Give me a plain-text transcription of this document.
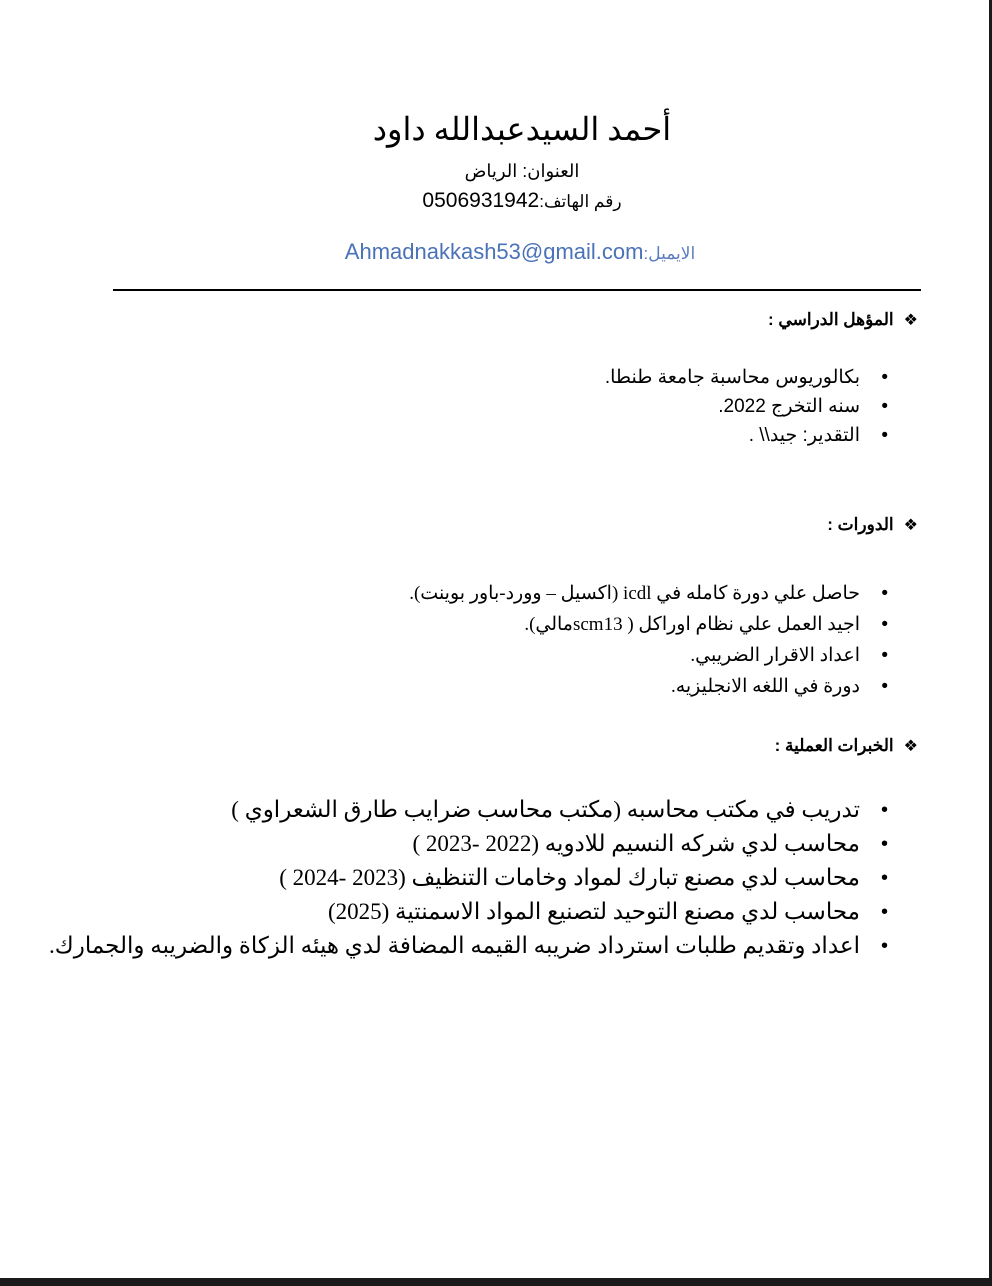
أحمد السيدعبدالله داود
العنوان: الرياض
رقم الهاتف:0506931942
الايميل:Ahmadnakkash53@gmail.com
❖المؤهل الدراسي :
• بكالوريوس محاسبة جامعة طنطا.
• سنه التخرج 2022.
• التقدير: جيد\\ .
❖الدورات :
• حاصل علي دورة كامله في icdl (اكسيل – وورد-باور بوينت).
• اجيد العمل علي نظام اوراكل ( scm13مالي).
• اعداد الاقرار الضريبي.
• دورة في اللغه الانجليزيه.
❖الخبرات العملية :
• تدريب في مكتب محاسبه (مكتب محاسب ضرايب طارق الشعراوي )
• محاسب لدي شركه النسيم للادويه (2022 -2023 )
• محاسب لدي مصنع تبارك لمواد وخامات التنظيف (2023 -2024 )
• محاسب لدي مصنع التوحيد لتصنيع المواد الاسمنتية (2025)
• اعداد وتقديم طلبات استرداد ضريبه القيمه المضافة لدي هيئه الزكاة والضريبه والجمارك.
